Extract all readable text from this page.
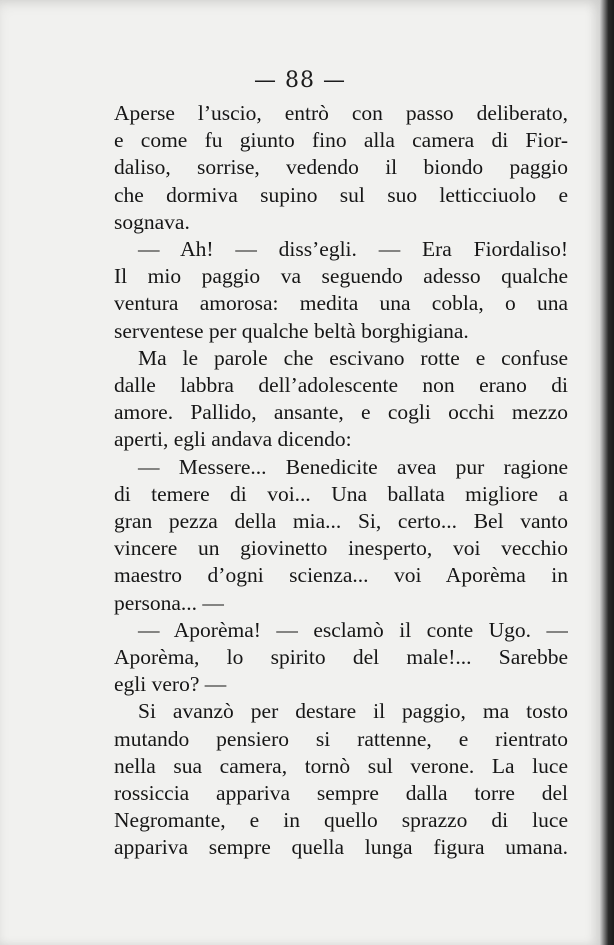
— 88 —
Aperse l’uscio, entrò con passo deliberato,
e come fu giunto fino alla camera di Fior-
daliso, sorrise, vedendo il biondo paggio
che dormiva supino sul suo letticciuolo e
sognava.
— Ah! — diss’egli. — Era Fiordaliso!
Il mio paggio va seguendo adesso qualche
ventura amorosa: medita una cobla, o una
serventese per qualche beltà borghigiana.
Ma le parole che escivano rotte e confuse
dalle labbra dell’adolescente non erano di
amore. Pallido, ansante, e cogli occhi mezzo
aperti, egli andava dicendo:
— Messere... Benedicite avea pur ragione
di temere di voi... Una ballata migliore a
gran pezza della mia... Si, certo... Bel vanto
vincere un giovinetto inesperto, voi vecchio
maestro d’ogni scienza... voi Aporèma in
persona... —
— Aporèma! — esclamò il conte Ugo. —
Aporèma, lo spirito del male!... Sarebbe
egli vero? —
Si avanzò per destare il paggio, ma tosto
mutando pensiero si rattenne, e rientrato
nella sua camera, tornò sul verone. La luce
rossiccia appariva sempre dalla torre del
Negromante, e in quello sprazzo di luce
appariva sempre quella lunga figura umana.
